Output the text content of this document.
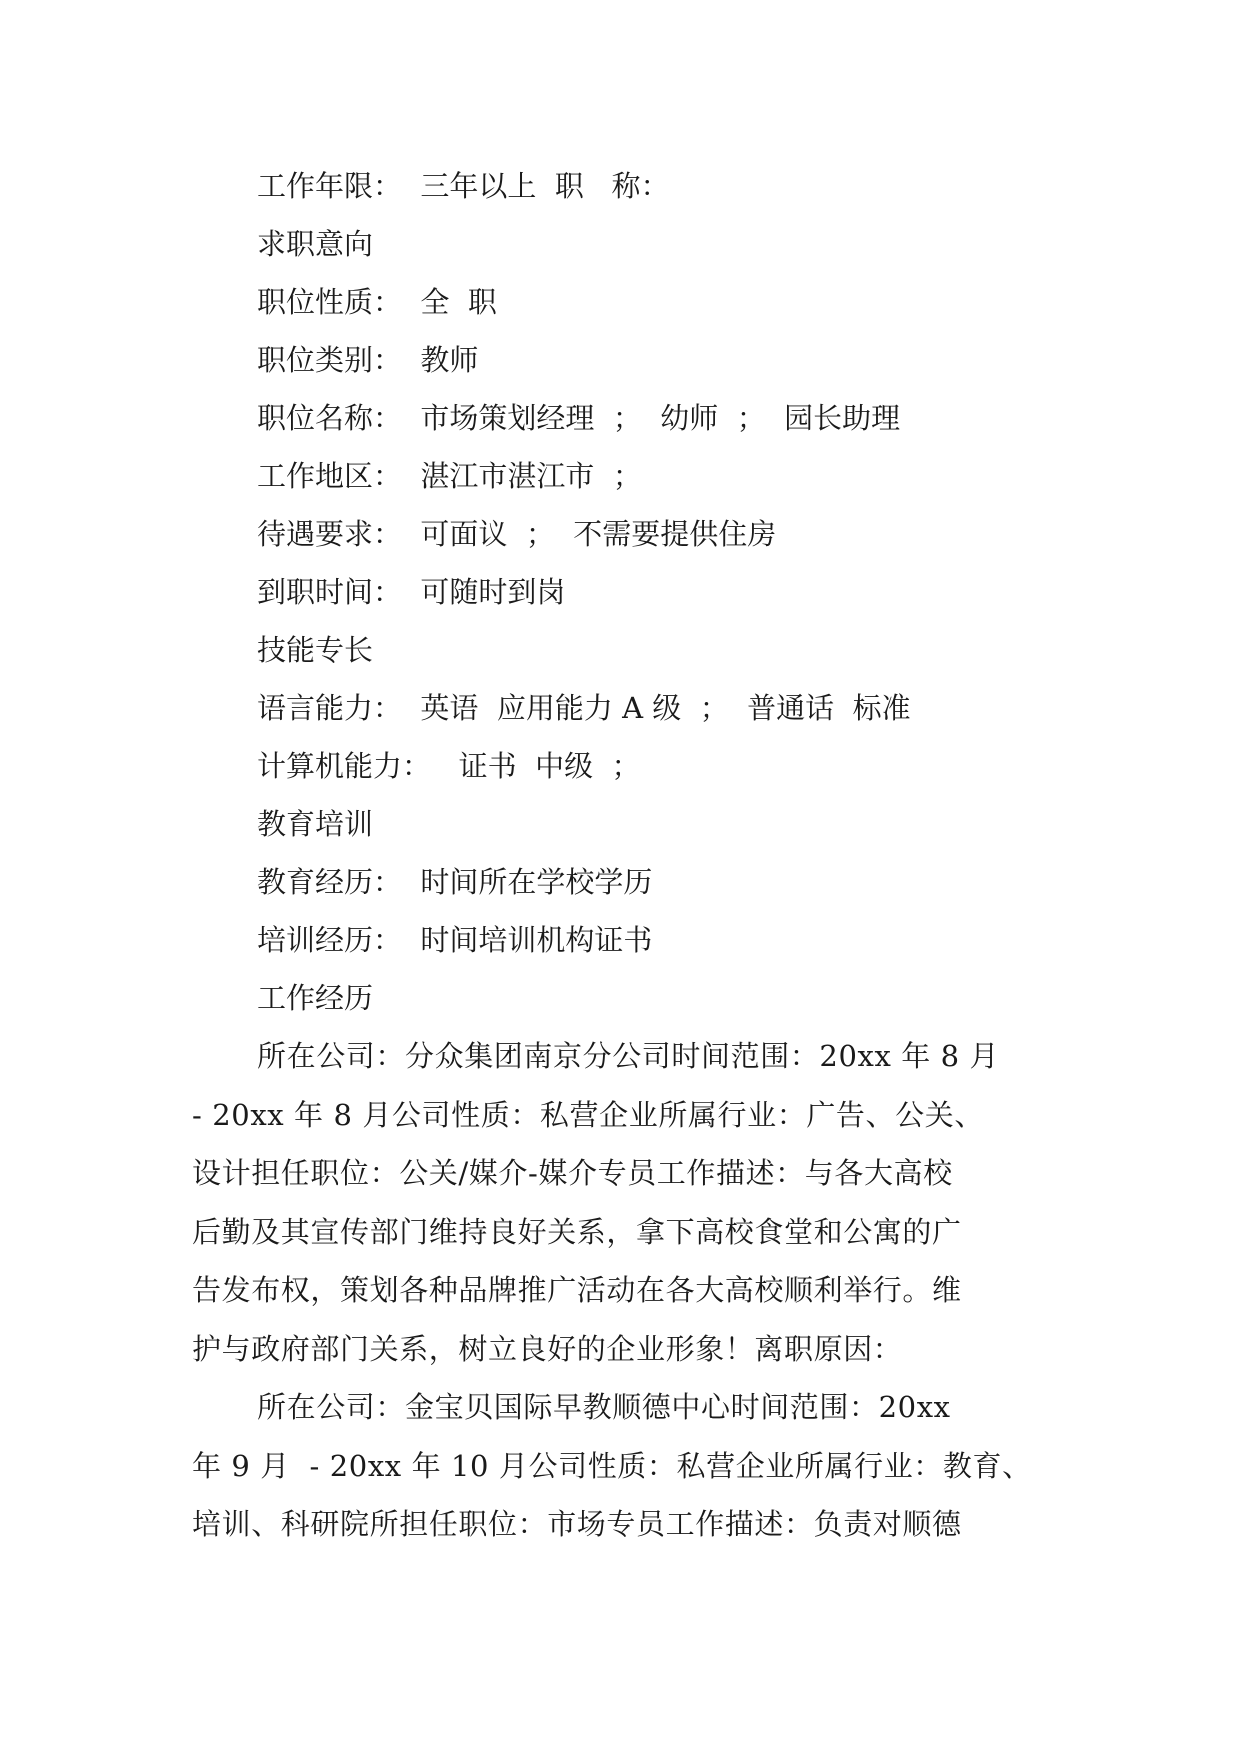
工作年限：  三年以上  职   称：
求职意向
职位性质：  全  职
职位类别：  教师
职位名称：  市场策划经理  ；  幼师  ；  园长助理
工作地区：  湛江市湛江市  ；
待遇要求：  可面议  ；  不需要提供住房
到职时间：  可随时到岗
技能专长
语言能力：  英语  应用能力 A 级  ；  普通话  标准
计算机能力：   证书  中级  ；
教育培训
教育经历：  时间所在学校学历
培训经历：  时间培训机构证书
工作经历
所在公司：分众集团南京分公司时间范围：20xx 年 8 月
- 20xx 年 8 月公司性质：私营企业所属行业：广告、公关、
设计担任职位：公关/媒介-媒介专员工作描述：与各大高校
后勤及其宣传部门维持良好关系，拿下高校食堂和公寓的广
告发布权，策划各种品牌推广活动在各大高校顺利举行。维
护与政府部门关系，树立良好的企业形象！离职原因：
所在公司：金宝贝国际早教顺德中心时间范围：20xx
年 9 月  - 20xx 年 10 月公司性质：私营企业所属行业：教育、
培训、科研院所担任职位：市场专员工作描述：负责对顺德
